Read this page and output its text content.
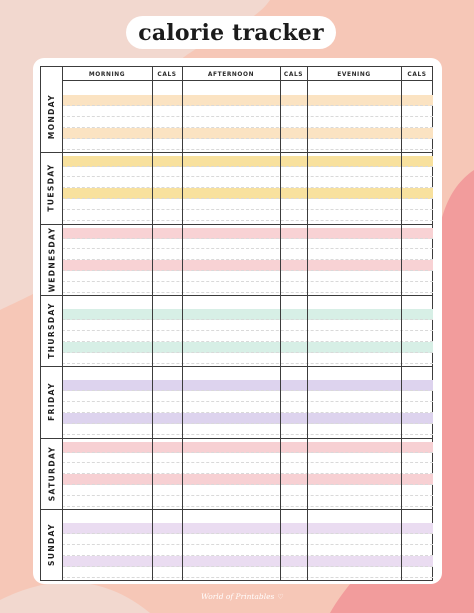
calorie tracker
MORNING	CALS	AFTERNOON	CALS	EVENING	CALS
MONDAY
TUESDAY
WEDNESDAY
THURSDAY
FRIDAY
SATURDAY
SUNDAY
World of Printables ♡
